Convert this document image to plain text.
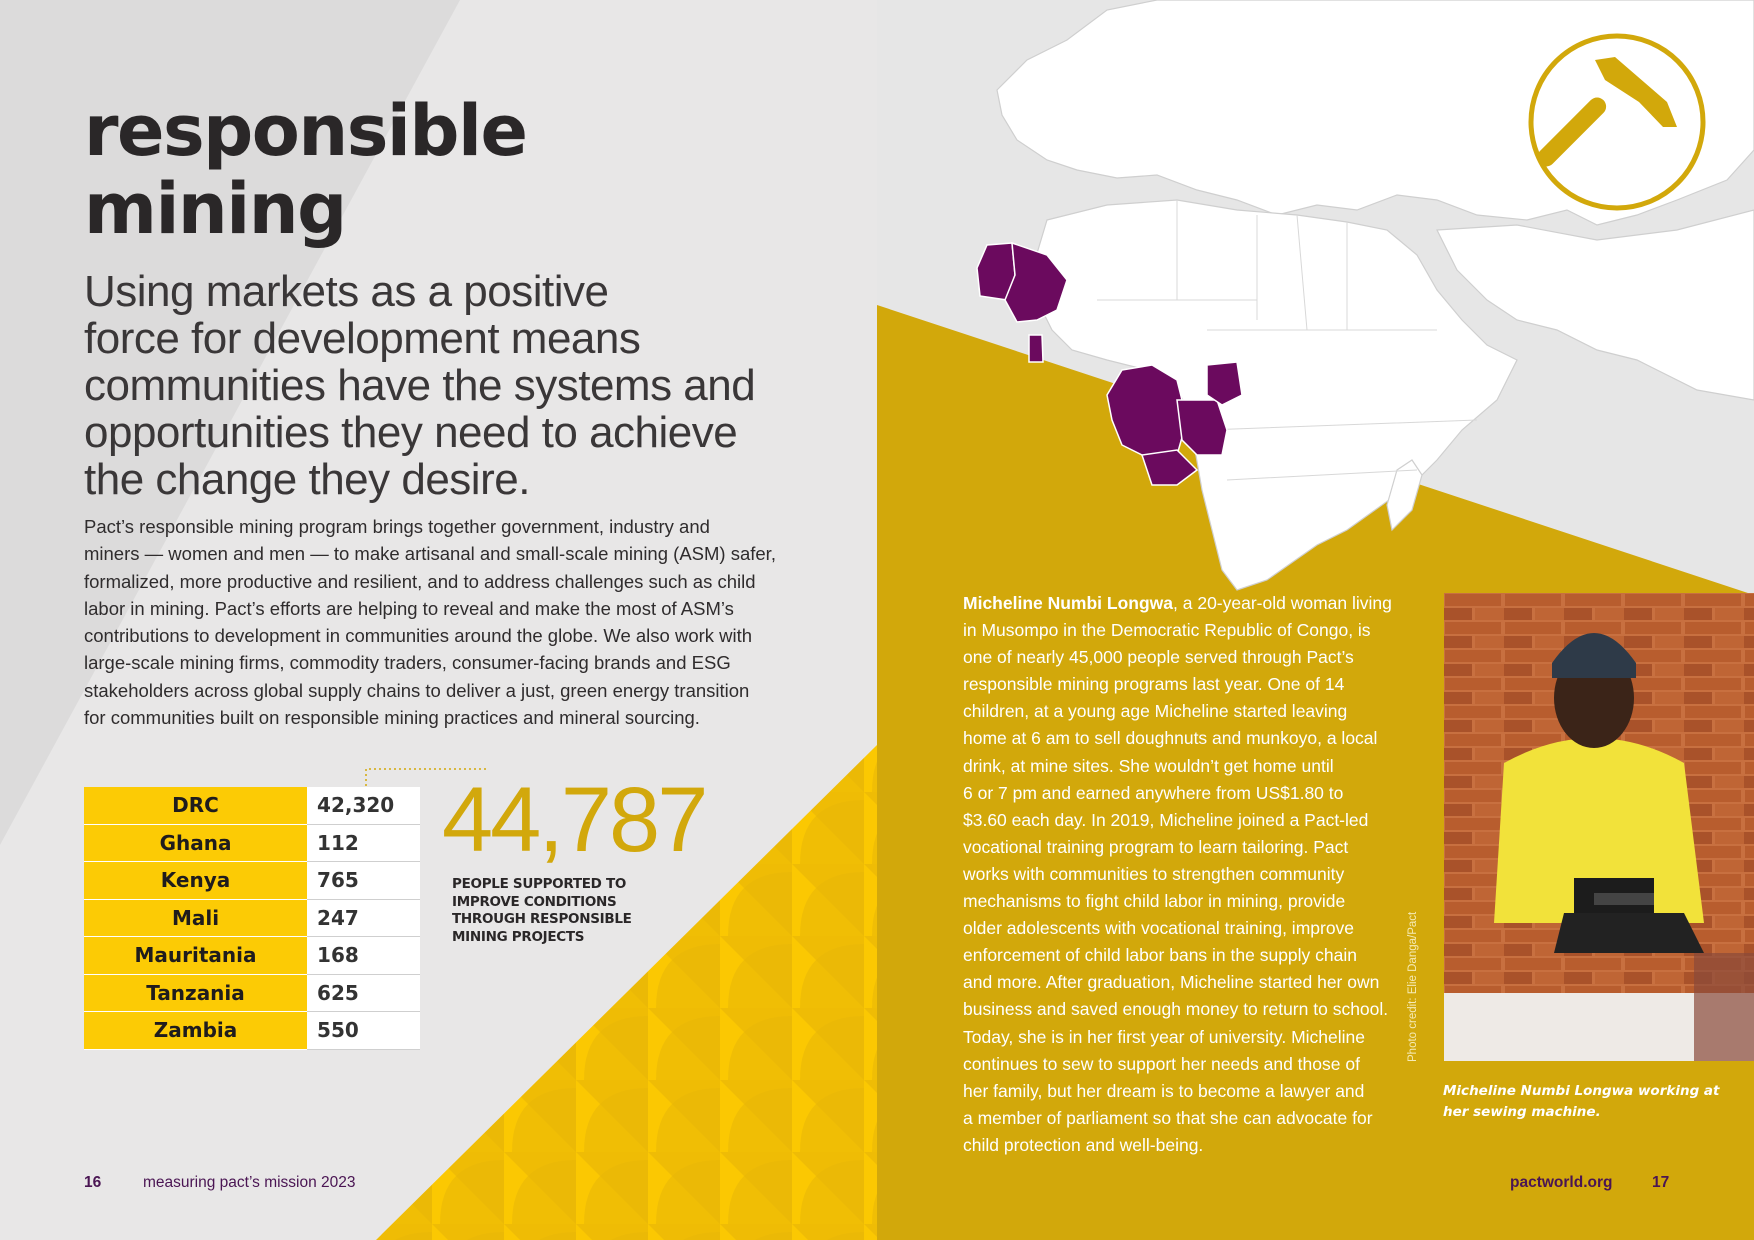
responsible
mining

Using markets as a positive
force for development means
communities have the systems and
opportunities they need to achieve
the change they desire.

Pact’s responsible mining program brings together government, industry and
miners — women and men — to make artisanal and small-scale mining (ASM) safer,
formalized, more productive and resilient, and to address challenges such as child
labor in mining. Pact’s efforts are helping to reveal and make the most of ASM’s
contributions to development in communities around the globe. We also work with
large-scale mining firms, commodity traders, consumer-facing brands and ESG
stakeholders across global supply chains to deliver a just, green energy transition
for communities built on responsible mining practices and mineral sourcing.

DRC	42,320
Ghana	112
Kenya	765
Mali	247
Mauritania	168
Tanzania	625
Zambia	550
44,787

PEOPLE SUPPORTED TO
IMPROVE CONDITIONS
THROUGH RESPONSIBLE
MINING PROJECTS

Micheline Numbi Longwa, a 20-year-old woman living
in Musompo in the Democratic Republic of Congo, is
one of nearly 45,000 people served through Pact’s
responsible mining programs last year. One of 14
children, at a young age Micheline started leaving
home at 6 am to sell doughnuts and munkoyo, a local
drink, at mine sites. She wouldn’t get home until
6 or 7 pm and earned anywhere from US$1.80 to
$3.60 each day. In 2019, Micheline joined a Pact-led
vocational training program to learn tailoring. Pact
works with communities to strengthen community
mechanisms to fight child labor in mining, provide
older adolescents with vocational training, improve
enforcement of child labor bans in the supply chain
and more. After graduation, Micheline started her own
business and saved enough money to return to school.
Today, she is in her first year of university. Micheline
continues to sew to support her needs and those of
her family, but her dream is to become a lawyer and
a member of parliament so that she can advocate for
child protection and well-being.

Photo credit: Elie Danga/Pact

Micheline Numbi Longwa working at
her sewing machine.

16	measuring pact’s mission 2023	pactworld.org	17
